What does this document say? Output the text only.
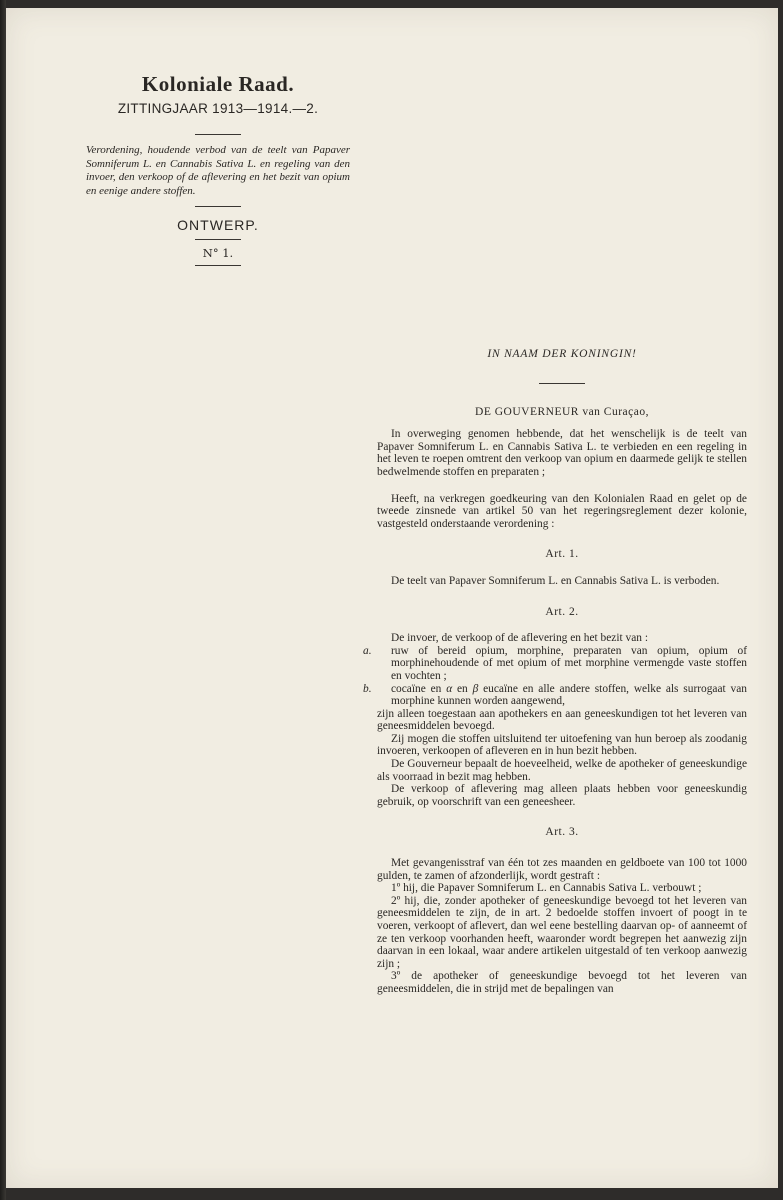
Koloniale Raad.

ZITTINGJAAR 1913—1914.—2.

Verordening, houdende verbod van de teelt van Papaver Somniferum L. en Cannabis Sativa L. en regeling van den invoer, den verkoop of de aflevering en het bezit van opium en eenige andere stoffen.

ONTWERP.

N° 1.

IN NAAM DER KONINGIN!

DE GOUVERNEUR van Curaçao,

In overweging genomen hebbende, dat het wenschelijk is de teelt van Papaver Somniferum L. en Cannabis Sativa L. te verbieden en een regeling in het leven te roepen omtrent den verkoop van opium en daarmede gelijk te stellen bedwelmende stoffen en preparaten ;

Heeft, na verkregen goedkeuring van den Kolonialen Raad en gelet op de tweede zinsnede van artikel 50 van het regeringsreglement dezer kolonie, vastgesteld onderstaande verordening :

Art. 1.

De teelt van Papaver Somniferum L. en Cannabis Sativa L. is verboden.

Art. 2.

De invoer, de verkoop of de aflevering en het bezit van :

a. ruw of bereid opium, morphine, preparaten van opium, opium of morphinehoudende of met opium of met morphine vermengde vaste stoffen en vochten ;

b. cocaïne en α en β eucaïne en alle andere stoffen, welke als surrogaat van morphine kunnen worden aangewend,

zijn alleen toegestaan aan apothekers en aan geneeskundigen tot het leveren van geneesmiddelen bevoegd.

Zij mogen die stoffen uitsluitend ter uitoefening van hun beroep als zoodanig invoeren, verkoopen of afleveren en in hun bezit hebben.

De Gouverneur bepaalt de hoeveelheid, welke de apotheker of geneeskundige als voorraad in bezit mag hebben.

De verkoop of aflevering mag alleen plaats hebben voor geneeskundig gebruik, op voorschrift van een geneesheer.

Art. 3.

Met gevangenisstraf van één tot zes maanden en geldboete van 100 tot 1000 gulden, te zamen of afzonderlijk, wordt gestraft :

1º hij, die Papaver Somniferum L. en Cannabis Sativa L. verbouwt ;

2º hij, die, zonder apotheker of geneeskundige bevoegd tot het leveren van geneesmiddelen te zijn, de in art. 2 bedoelde stoffen invoert of poogt in te voeren, verkoopt of aflevert, dan wel eene bestelling daarvan op- of aanneemt of ze ten verkoop voorhanden heeft, waaronder wordt begrepen het aanwezig zijn daarvan in een lokaal, waar andere artikelen uitgestald of ten verkoop aanwezig zijn ;

3º de apotheker of geneeskundige bevoegd tot het leveren van geneesmiddelen, die in strijd met de bepalingen van
